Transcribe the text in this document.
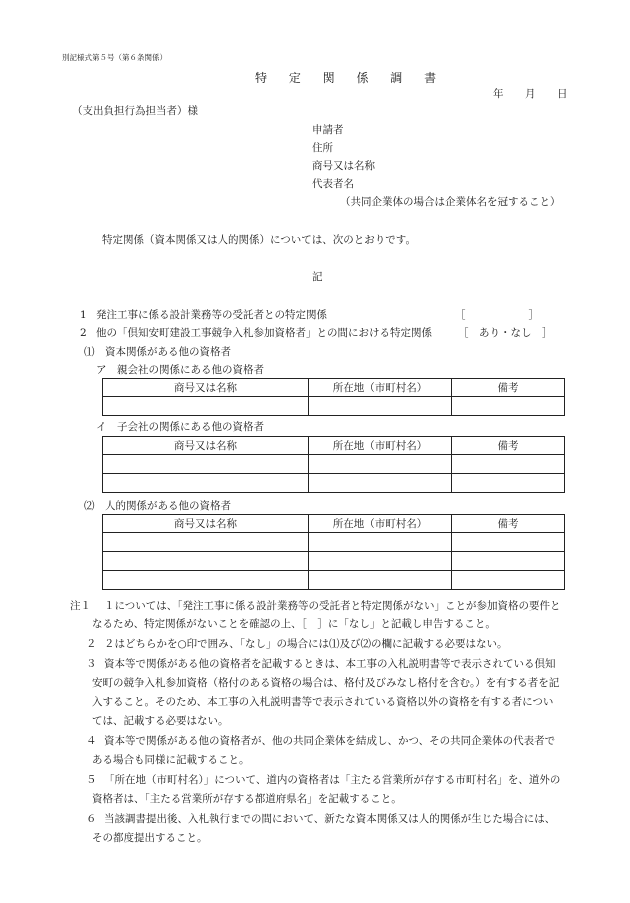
別記様式第５号（第６条関係）
特 定 関 係 調 書
年 月 日
（支出負担行為担当者）様
申請者
住所
商号又は名称
代表者名
（共同企業体の場合は企業体名を冠すること）
特定関係（資本関係又は人的関係）については、次のとおりです。
記
1 発注工事に係る設計業務等の受託者との特定関係	［　　　　　　］
2 他の「倶知安町建設工事競争入札参加資格者」との間における特定関係 ［　あり・なし　］
⑴　資本関係がある他の資格者
ア　親会社の関係にある他の資格者
商号又は名称	所在地（市町村名）	備考

イ　子会社の関係にある他の資格者
商号又は名称	所在地（市町村名）	備考

⑵　人的関係がある他の資格者
商号又は名称	所在地（市町村名）	備考

注１ １については、「発注工事に係る設計業務等の受託者と特定関係がない」ことが参加資格の要件と
なるため、特定関係がないことを確認の上、［　］に「なし」と記載し申告すること。
２ ２はどちらかを○印で囲み、「なし」の場合には⑴及び⑵の欄に記載する必要はない。
３ 資本等で関係がある他の資格者を記載するときは、本工事の入札説明書等で表示されている倶知
安町の競争入札参加資格（格付のある資格の場合は、格付及びみなし格付を含む。）を有する者を記
入すること。そのため、本工事の入札説明書等で表示されている資格以外の資格を有する者につい
ては、記載する必要はない。
４ 資本等で関係がある他の資格者が、他の共同企業体を結成し、かつ、その共同企業体の代表者で
ある場合も同様に記載すること。
５ 「所在地（市町村名）」について、道内の資格者は「主たる営業所が存する市町村名」を、道外の
資格者は、「主たる営業所が存する都道府県名」を記載すること。
６ 当該調書提出後、入札執行までの間において、新たな資本関係又は人的関係が生じた場合には、
その都度提出すること。
